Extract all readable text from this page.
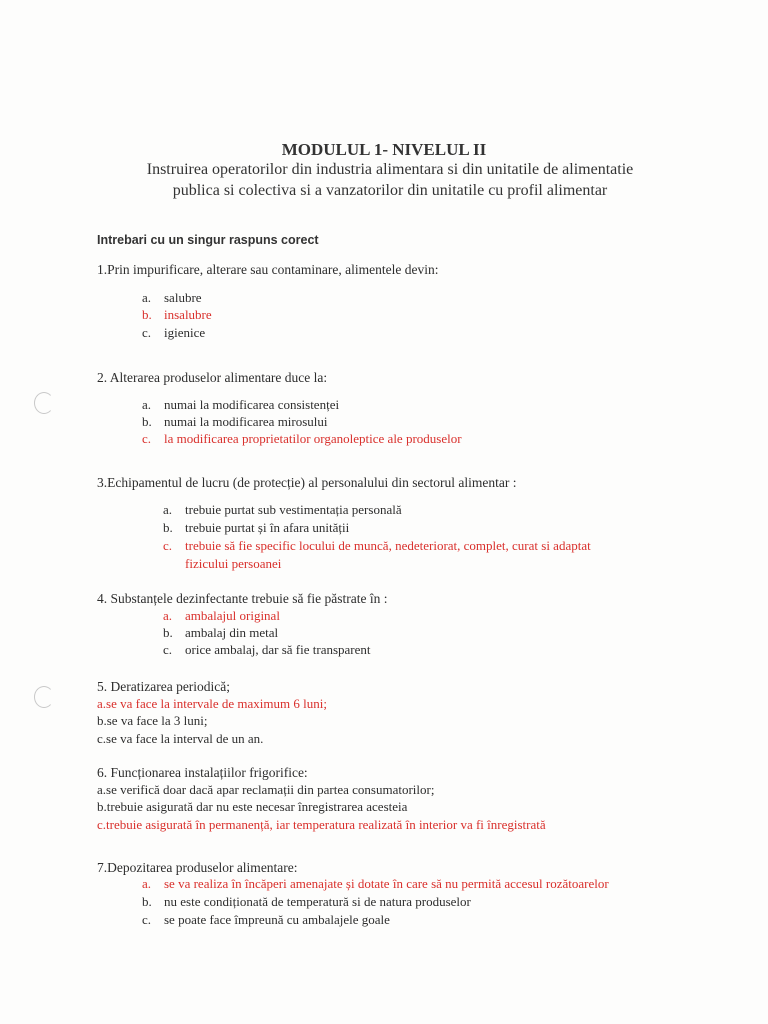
MODULUL 1- NIVELUL II
Instruirea operatorilor din industria alimentara si din unitatile de alimentatie
publica si colectiva si a vanzatorilor din unitatile cu profil alimentar
Intrebari cu un singur raspuns corect
1.Prin impurificare, alterare sau contaminare, alimentele devin:
a. salubre
b. insalubre
c. igienice
2. Alterarea produselor alimentare duce la:
a. numai la modificarea consistenței
b. numai la modificarea mirosului
c. la modificarea proprietatilor organoleptice ale produselor
3.Echipamentul de lucru (de protecție) al personalului din sectorul alimentar :
a. trebuie purtat sub vestimentația personală
b. trebuie purtat și în afara unității
c. trebuie să fie specific locului de muncă, nedeteriorat, complet, curat si adaptat
fizicului persoanei
4. Substanțele dezinfectante trebuie să fie păstrate în :
a. ambalajul original
b. ambalaj din metal
c. orice ambalaj, dar să fie transparent
5. Deratizarea periodică;
a.se va face la intervale de maximum 6 luni;
b.se va face la 3 luni;
c.se va face la interval de un an.
6. Funcționarea instalațiilor frigorifice:
a.se verifică doar dacă apar reclamații din partea consumatorilor;
b.trebuie asigurată dar nu este necesar înregistrarea acesteia
c.trebuie asigurată în permanență, iar temperatura realizată în interior va fi înregistrată
7.Depozitarea produselor alimentare:
a. se va realiza în încăperi amenajate și dotate în care să nu permită accesul rozătoarelor
b. nu este condiționată de temperatură si de natura produselor
c. se poate face împreună cu ambalajele goale
